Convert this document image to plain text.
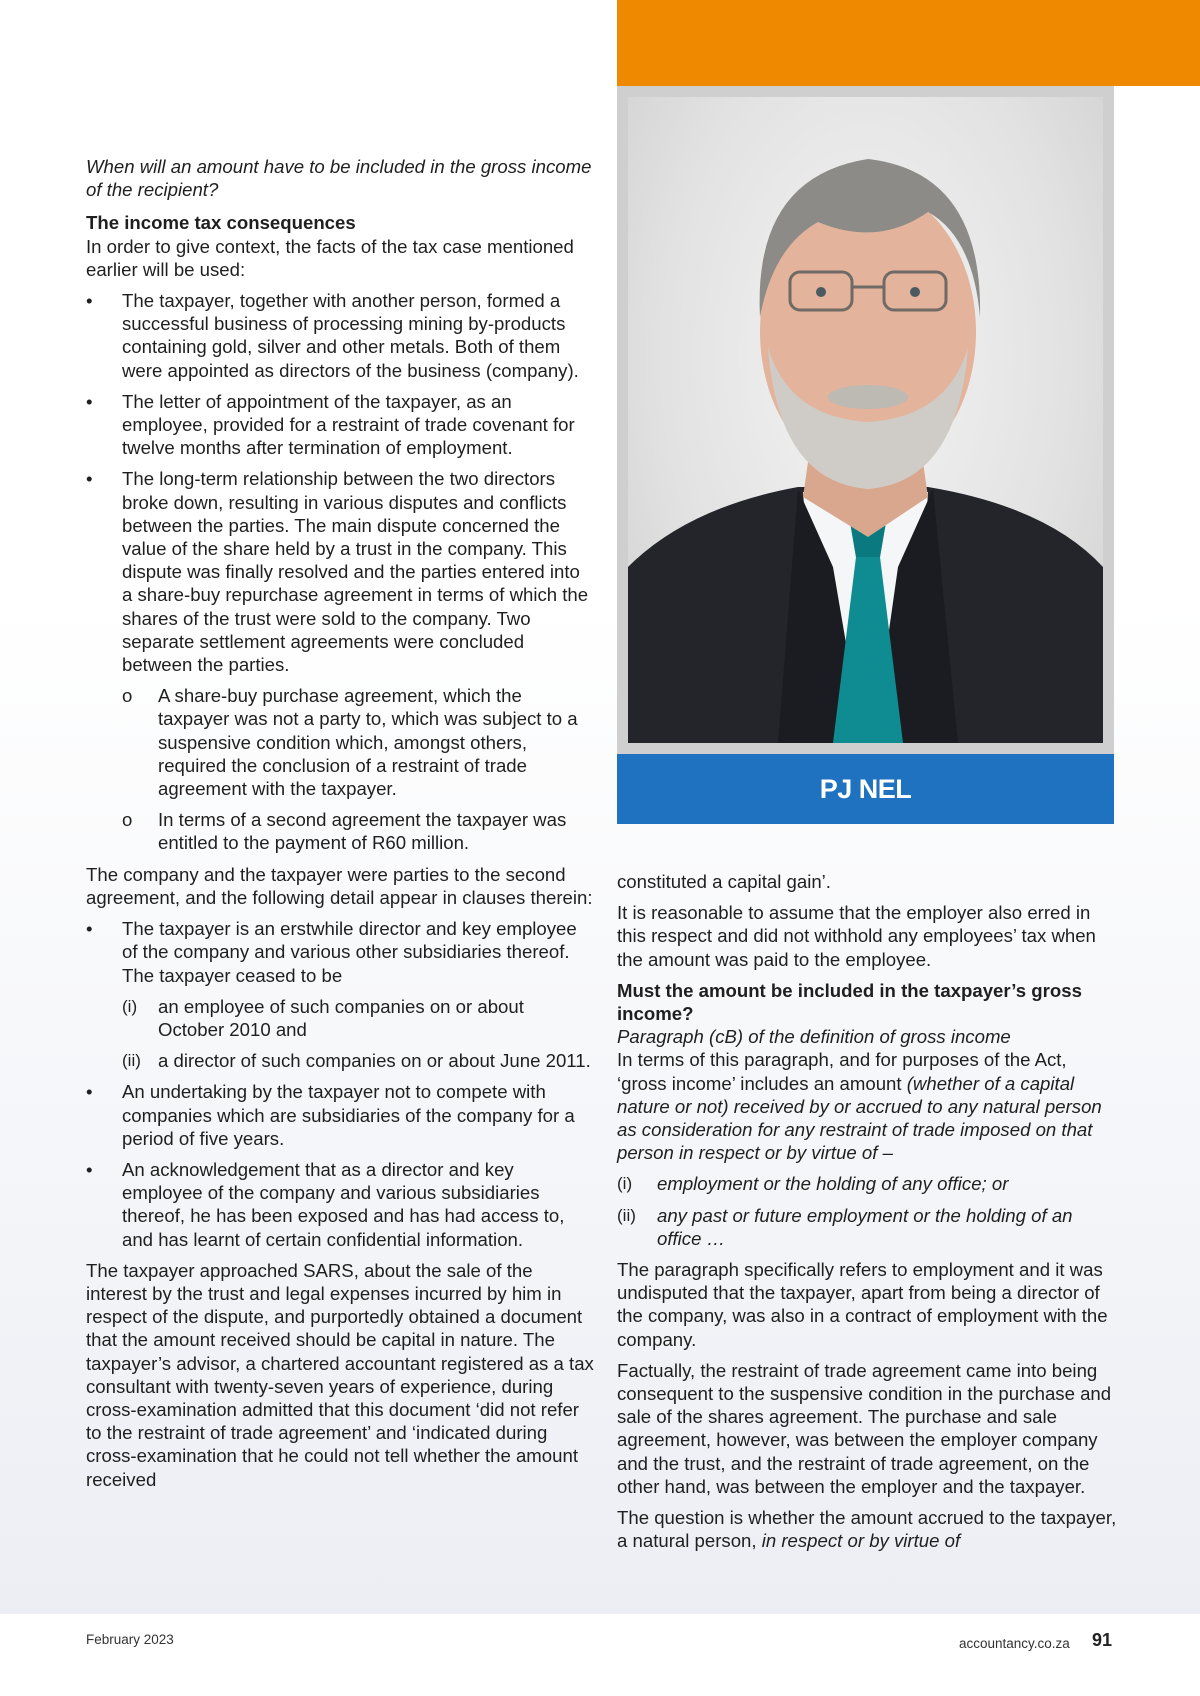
PJ NEL

When will an amount have to be included in the gross income of the recipient?

The income tax consequences

In order to give context, the facts of the tax case mentioned earlier will be used:

• The taxpayer, together with another person, formed a successful business of processing mining by-products containing gold, silver and other metals. Both of them were appointed as directors of the business (company).
• The letter of appointment of the taxpayer, as an employee, provided for a restraint of trade covenant for twelve months after termination of employment.
• The long-term relationship between the two directors broke down, resulting in various disputes and conflicts between the parties. The main dispute concerned the value of the share held by a trust in the company. This dispute was finally resolved and the parties entered into a share-buy repurchase agreement in terms of which the shares of the trust were sold to the company. Two separate settlement agreements were concluded between the parties.
o A share-buy purchase agreement, which the taxpayer was not a party to, which was subject to a suspensive condition which, amongst others, required the conclusion of a restraint of trade agreement with the taxpayer.
o In terms of a second agreement the taxpayer was entitled to the payment of R60 million.

The company and the taxpayer were parties to the second agreement, and the following detail appear in clauses therein:

• The taxpayer is an erstwhile director and key employee of the company and various other subsidiaries thereof. The taxpayer ceased to be
(i) an employee of such companies on or about October 2010 and
(ii) a director of such companies on or about June 2011.
• An undertaking by the taxpayer not to compete with companies which are subsidiaries of the company for a period of five years.
• An acknowledgement that as a director and key employee of the company and various subsidiaries thereof, he has been exposed and has had access to, and has learnt of certain confidential information.

The taxpayer approached SARS, about the sale of the interest by the trust and legal expenses incurred by him in respect of the dispute, and purportedly obtained a document that the amount received should be capital in nature. The taxpayer’s advisor, a chartered accountant registered as a tax consultant with twenty-seven years of experience, during cross-examination admitted that this document ‘did not refer to the restraint of trade agreement’ and ‘indicated during cross-examination that he could not tell whether the amount received

constituted a capital gain’.

It is reasonable to assume that the employer also erred in this respect and did not withhold any employees’ tax when the amount was paid to the employee.

Must the amount be included in the taxpayer’s gross income?

Paragraph (cB) of the definition of gross income

In terms of this paragraph, and for purposes of the Act, ‘gross income’ includes an amount (whether of a capital nature or not) received by or accrued to any natural person as consideration for any restraint of trade imposed on that person in respect or by virtue of –

(i) employment or the holding of any office; or
(ii) any past or future employment or the holding of an office …

The paragraph specifically refers to employment and it was undisputed that the taxpayer, apart from being a director of the company, was also in a contract of employment with the company.

Factually, the restraint of trade agreement came into being consequent to the suspensive condition in the purchase and sale of the shares agreement. The purchase and sale agreement, however, was between the employer company and the trust, and the restraint of trade agreement, on the other hand, was between the employer and the taxpayer.

The question is whether the amount accrued to the taxpayer, a natural person, in respect or by virtue of

February 2023	accountancy.co.za 91
